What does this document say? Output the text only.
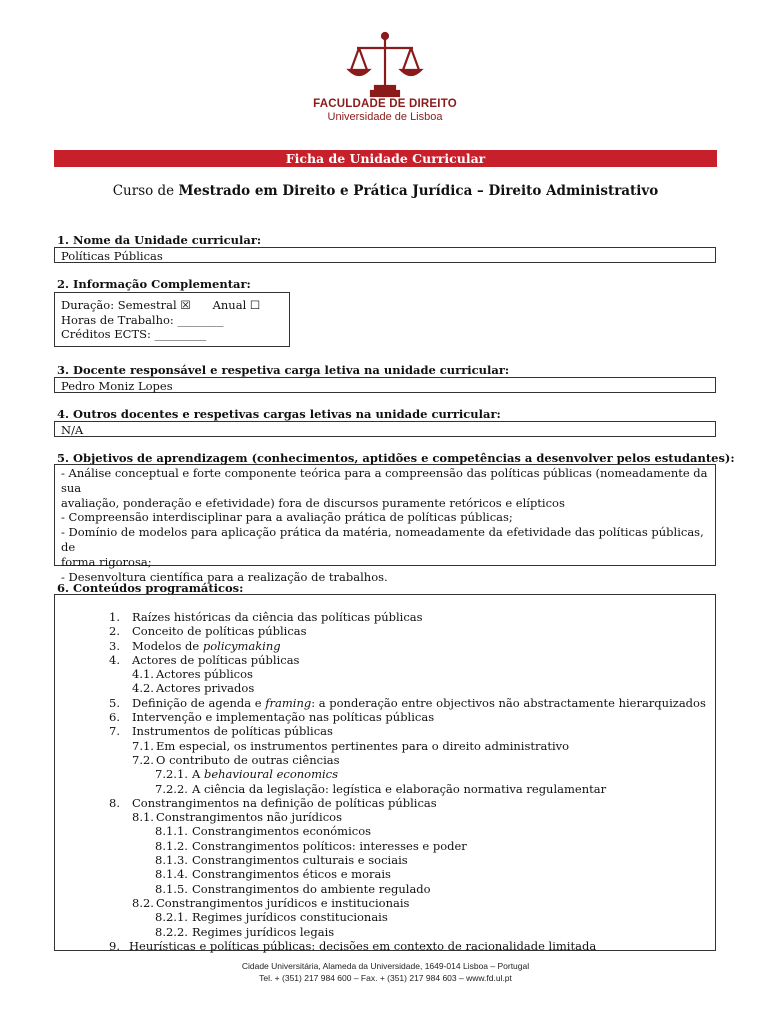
FACULDADE DE DIREITO
Universidade de Lisboa
Ficha de Unidade Curricular
Curso de Mestrado em Direito e Prática Jurídica – Direito Administrativo
1. Nome da Unidade curricular:
Políticas Públicas
2. Informação Complementar:
Duração: Semestral ☒ Anual ☐
Horas de Trabalho: ________
Créditos ECTS: _________
3. Docente responsável e respetiva carga letiva na unidade curricular:
Pedro Moniz Lopes
4. Outros docentes e respetivas cargas letivas na unidade curricular:
N/A
5. Objetivos de aprendizagem (conhecimentos, aptidões e competências a desenvolver pelos estudantes):
- Análise conceptual e forte componente teórica para a compreensão das políticas públicas (nomeadamente da sua
avaliação, ponderação e efetividade) fora de discursos puramente retóricos e elípticos
- Compreensão interdisciplinar para a avaliação prática de políticas públicas;
- Domínio de modelos para aplicação prática da matéria, nomeadamente da efetividade das políticas públicas, de
forma rigorosa;
- Desenvoltura científica para a realização de trabalhos.
6. Conteúdos programáticos:
1. Raízes históricas da ciência das políticas públicas
2. Conceito de políticas públicas
3. Modelos de policymaking
4. Actores de políticas públicas
4.1. Actores públicos
4.2. Actores privados
5. Definição de agenda e framing: a ponderação entre objectivos não abstractamente hierarquizados
6. Intervenção e implementação nas políticas públicas
7. Instrumentos de políticas públicas
7.1. Em especial, os instrumentos pertinentes para o direito administrativo
7.2. O contributo de outras ciências
7.2.1. A behavioural economics
7.2.2. A ciência da legislação: legística e elaboração normativa regulamentar
8. Constrangimentos na definição de políticas públicas
8.1. Constrangimentos não jurídicos
8.1.1. Constrangimentos económicos
8.1.2. Constrangimentos políticos: interesses e poder
8.1.3. Constrangimentos culturais e sociais
8.1.4. Constrangimentos éticos e morais
8.1.5. Constrangimentos do ambiente regulado
8.2. Constrangimentos jurídicos e institucionais
8.2.1. Regimes jurídicos constitucionais
8.2.2. Regimes jurídicos legais
9. Heurísticas e políticas públicas: decisões em contexto de racionalidade limitada
Cidade Universitária, Alameda da Universidade, 1649-014 Lisboa – Portugal
Tel. + (351) 217 984 600 – Fax. + (351) 217 984 603 – www.fd.ul.pt
